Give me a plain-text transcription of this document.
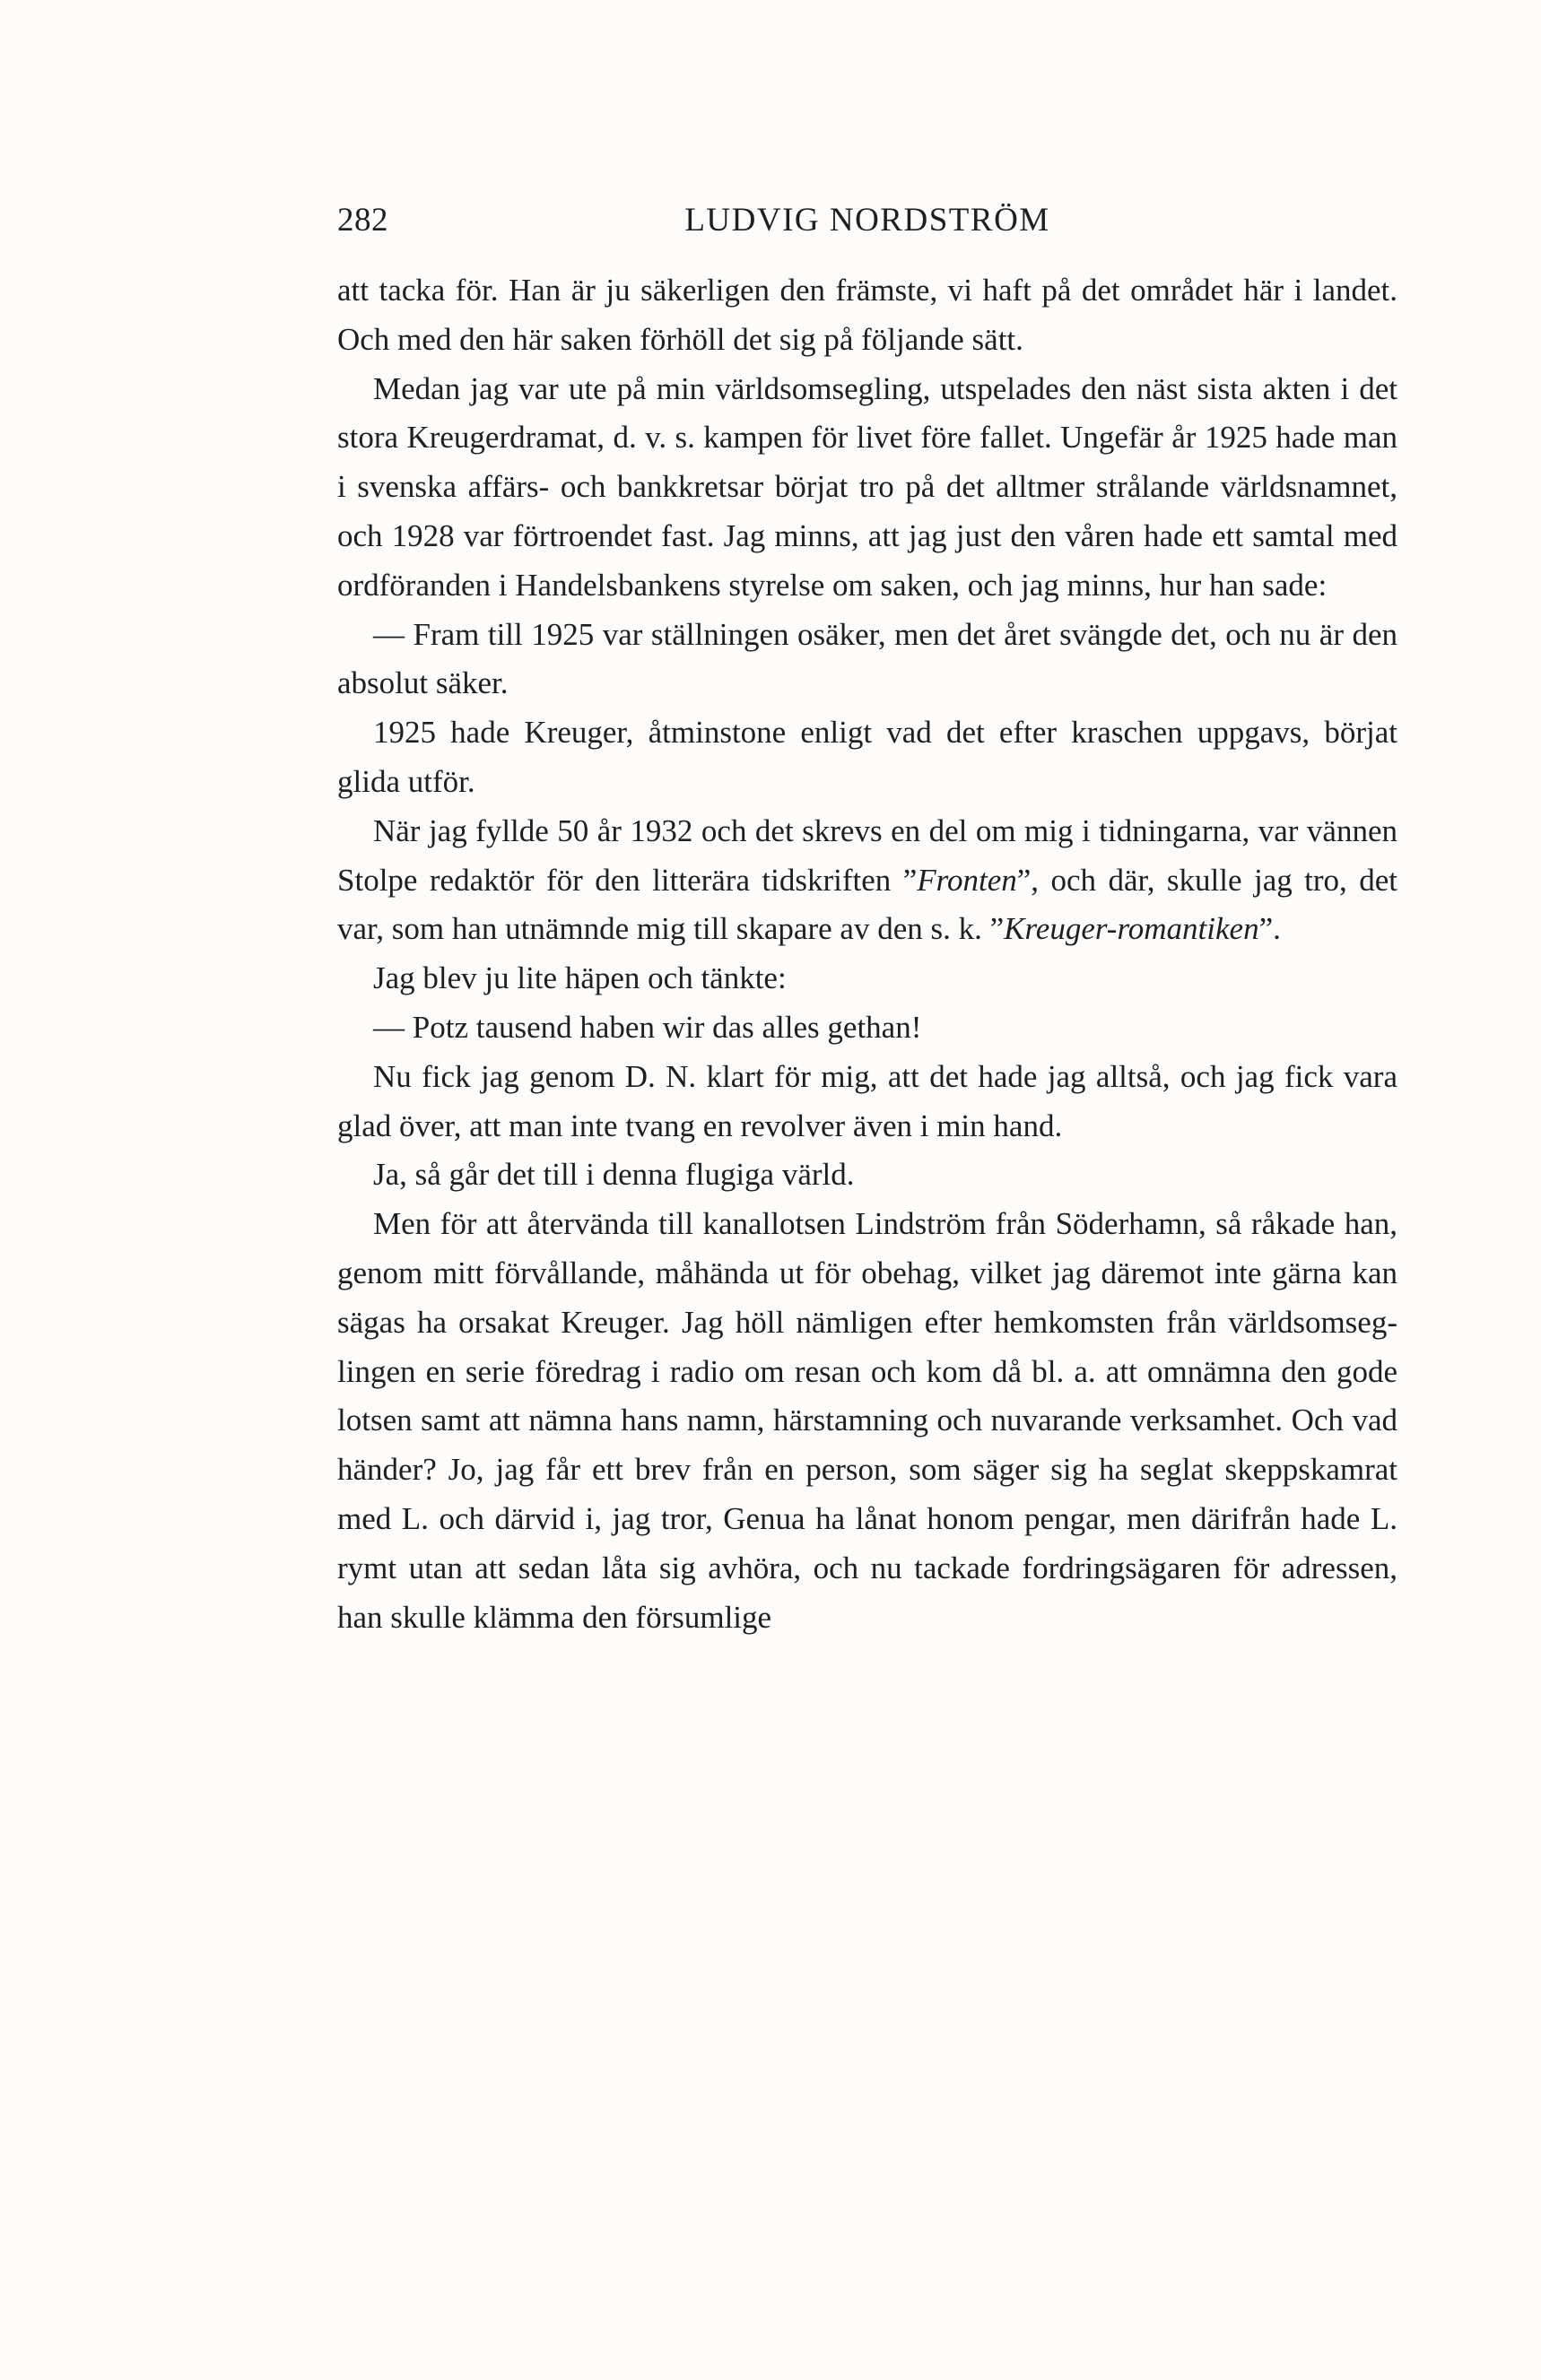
282	LUDVIG NORDSTRÖM

att tacka för. Han är ju säkerligen den främste, vi haft på det området här i landet. Och med den här saken förhöll det sig på följande sätt.

Medan jag var ute på min världsomsegling, utspelades den näst sista akten i det stora Kreugerdramat, d. v. s. kampen för livet före fallet. Ungefär år 1925 hade man i svenska affärs- och bankkretsar börjat tro på det alltmer strålande världsnamnet, och 1928 var förtroendet fast. Jag minns, att jag just den våren hade ett samtal med ordföranden i Handelsbankens styrelse om saken, och jag minns, hur han sade:

— Fram till 1925 var ställningen osäker, men det året svängde det, och nu är den absolut säker.

1925 hade Kreuger, åtminstone enligt vad det efter kraschen uppgavs, börjat glida utför.

När jag fyllde 50 år 1932 och det skrevs en del om mig i tidningarna, var vännen Stolpe redaktör för den litterära tidskriften ”Fronten”, och där, skulle jag tro, det var, som han utnämnde mig till skapare av den s. k. ”Kreuger-romantiken”.

Jag blev ju lite häpen och tänkte:

— Potz tausend haben wir das alles gethan!

Nu fick jag genom D. N. klart för mig, att det hade jag alltså, och jag fick vara glad över, att man inte tvang en revolver även i min hand.

Ja, så går det till i denna flugiga värld.

Men för att återvända till kanallotsen Lindström från Söderhamn, så råkade han, genom mitt förvållande, måhända ut för obehag, vilket jag däremot inte gärna kan sägas ha orsakat Kreuger. Jag höll nämligen efter hemkomsten från världsomseglingen en serie föredrag i radio om resan och kom då bl. a. att omnämna den gode lotsen samt att nämna hans namn, härstamning och nuvarande verksamhet. Och vad händer? Jo, jag får ett brev från en person, som säger sig ha seglat skeppskamrat med L. och därvid i, jag tror, Genua ha lånat honom pengar, men därifrån hade L. rymt utan att sedan låta sig avhöra, och nu tackade fordringsägaren för adressen, han skulle klämma den försumlige
